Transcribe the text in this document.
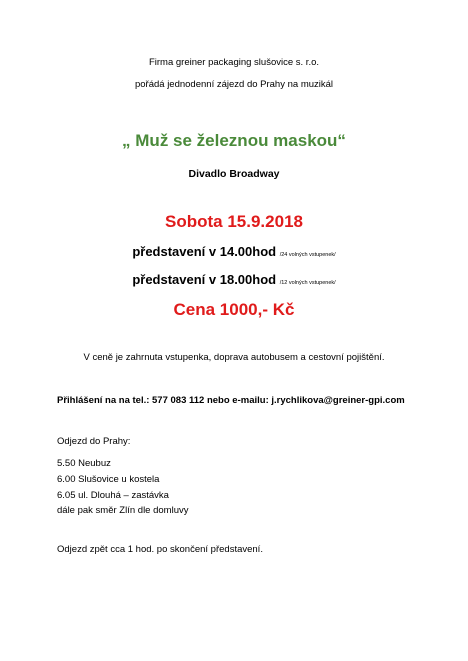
Firma greiner packaging slušovice s. r.o.
pořádá jednodenní zájezd do Prahy na muzikál
„ Muž se železnou maskou“
Divadlo Broadway
Sobota 15.9.2018
představení v 14.00hod /24 volných vstupenek/
představení v 18.00hod /12 volných vstupenek/
Cena 1000,- Kč
V ceně je zahrnuta vstupenka, doprava autobusem a cestovní pojištění.
Přihlášení na na tel.: 577 083 112 nebo e-mailu: j.rychlikova@greiner-gpi.com
Odjezd do Prahy:
5.50 Neubuz
6.00 Slušovice u kostela
6.05 ul. Dlouhá – zastávka
dále pak směr Zlín dle domluvy
Odjezd zpět cca 1 hod. po skončení představení.
